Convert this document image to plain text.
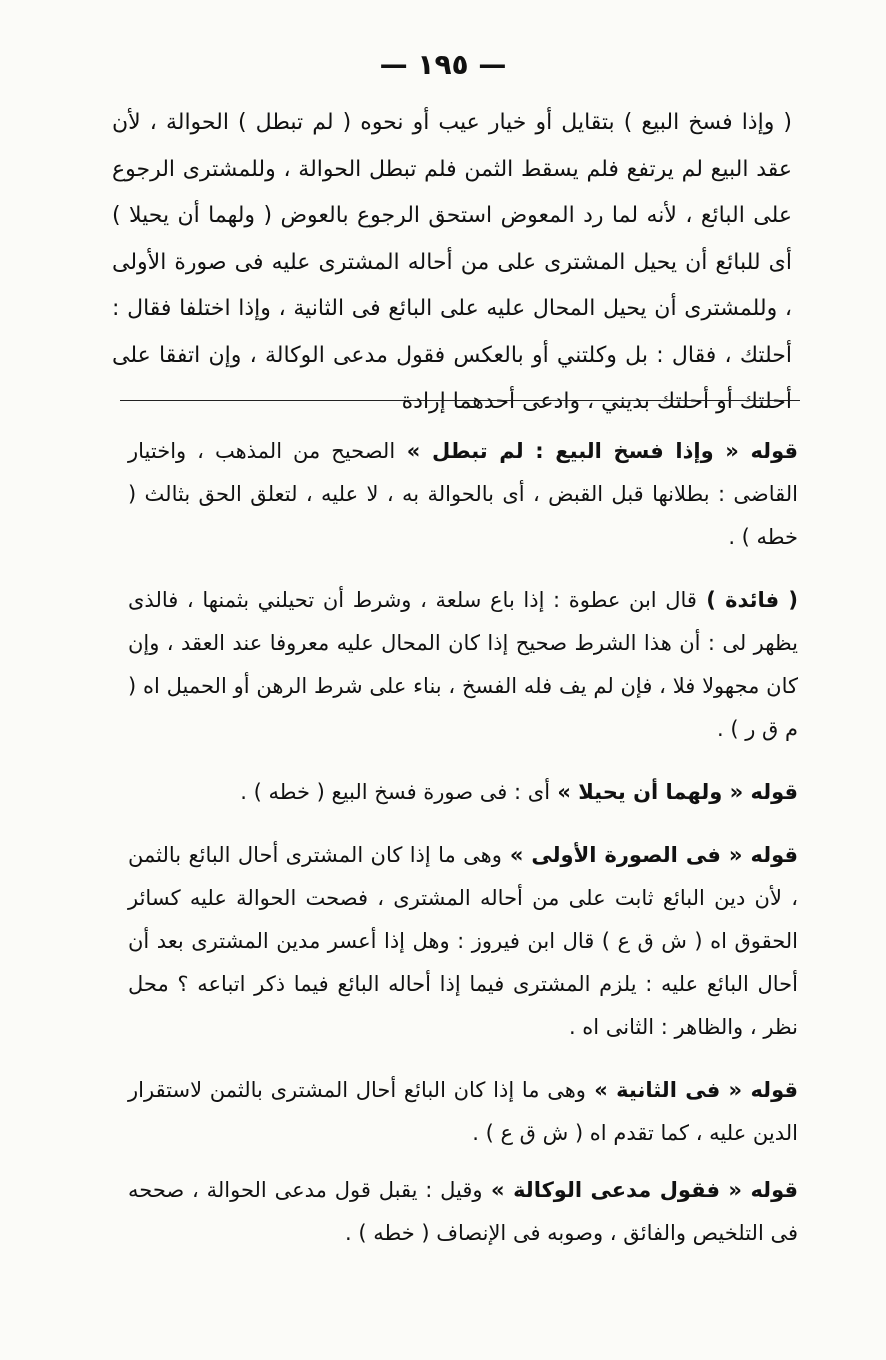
— ١٩٥ —

( وإذا فسخ البيع ) بتقايل أو خيار عيب أو نحوه ( لم تبطل ) الحوالة ، لأن عقد البيع لم يرتفع فلم يسقط الثمن فلم تبطل الحوالة ، وللمشترى الرجوع على البائع ، لأنه لما رد المعوض استحق الرجوع بالعوض ( ولهما أن يحيلا ) أى للبائع أن يحيل المشترى على من أحاله المشترى عليه فى صورة الأولى ، وللمشترى أن يحيل المحال عليه على البائع فى الثانية ، وإذا اختلفا فقال : أحلتك ، فقال : بل وكلتني أو بالعكس فقول مدعى الوكالة ، وإن اتفقا على أحلتك أو أحلتك بديني ، وادعى أحدهما إرادة

قوله « وإذا فسخ البيع : لم تبطل » الصحيح من المذهب ، واختيار القاضى : بطلانها قبل القبض ، أى بالحوالة به ، لا عليه ، لتعلق الحق بثالث ( خطه ) .

( فائدة ) قال ابن عطوة : إذا باع سلعة ، وشرط أن تحيلني بثمنها ، فالذى يظهر لى : أن هذا الشرط صحيح إذا كان المحال عليه معروفا عند العقد ، وإن كان مجهولا فلا ، فإن لم يف فله الفسخ ، بناء على شرط الرهن أو الحميل اه ( م ق ر ) .

قوله « ولهما أن يحيلا » أى : فى صورة فسخ البيع ( خطه ) .

قوله « فى الصورة الأولى » وهى ما إذا كان المشترى أحال البائع بالثمن ، لأن دين البائع ثابت على من أحاله المشترى ، فصحت الحوالة عليه كسائر الحقوق اه ( ش ق ع ) قال ابن فيروز : وهل إذا أعسر مدين المشترى بعد أن أحال البائع عليه : يلزم المشترى فيما إذا أحاله البائع فيما ذكر اتباعه ؟ محل نظر ، والظاهر : الثانى اه .

قوله « فى الثانية » وهى ما إذا كان البائع أحال المشترى بالثمن لاستقرار الدين عليه ، كما تقدم اه ( ش ق ع ) .

قوله « فقول مدعى الوكالة » وقيل : يقبل قول مدعى الحوالة ، صححه فى التلخيص والفائق ، وصوبه فى الإنصاف ( خطه ) .
